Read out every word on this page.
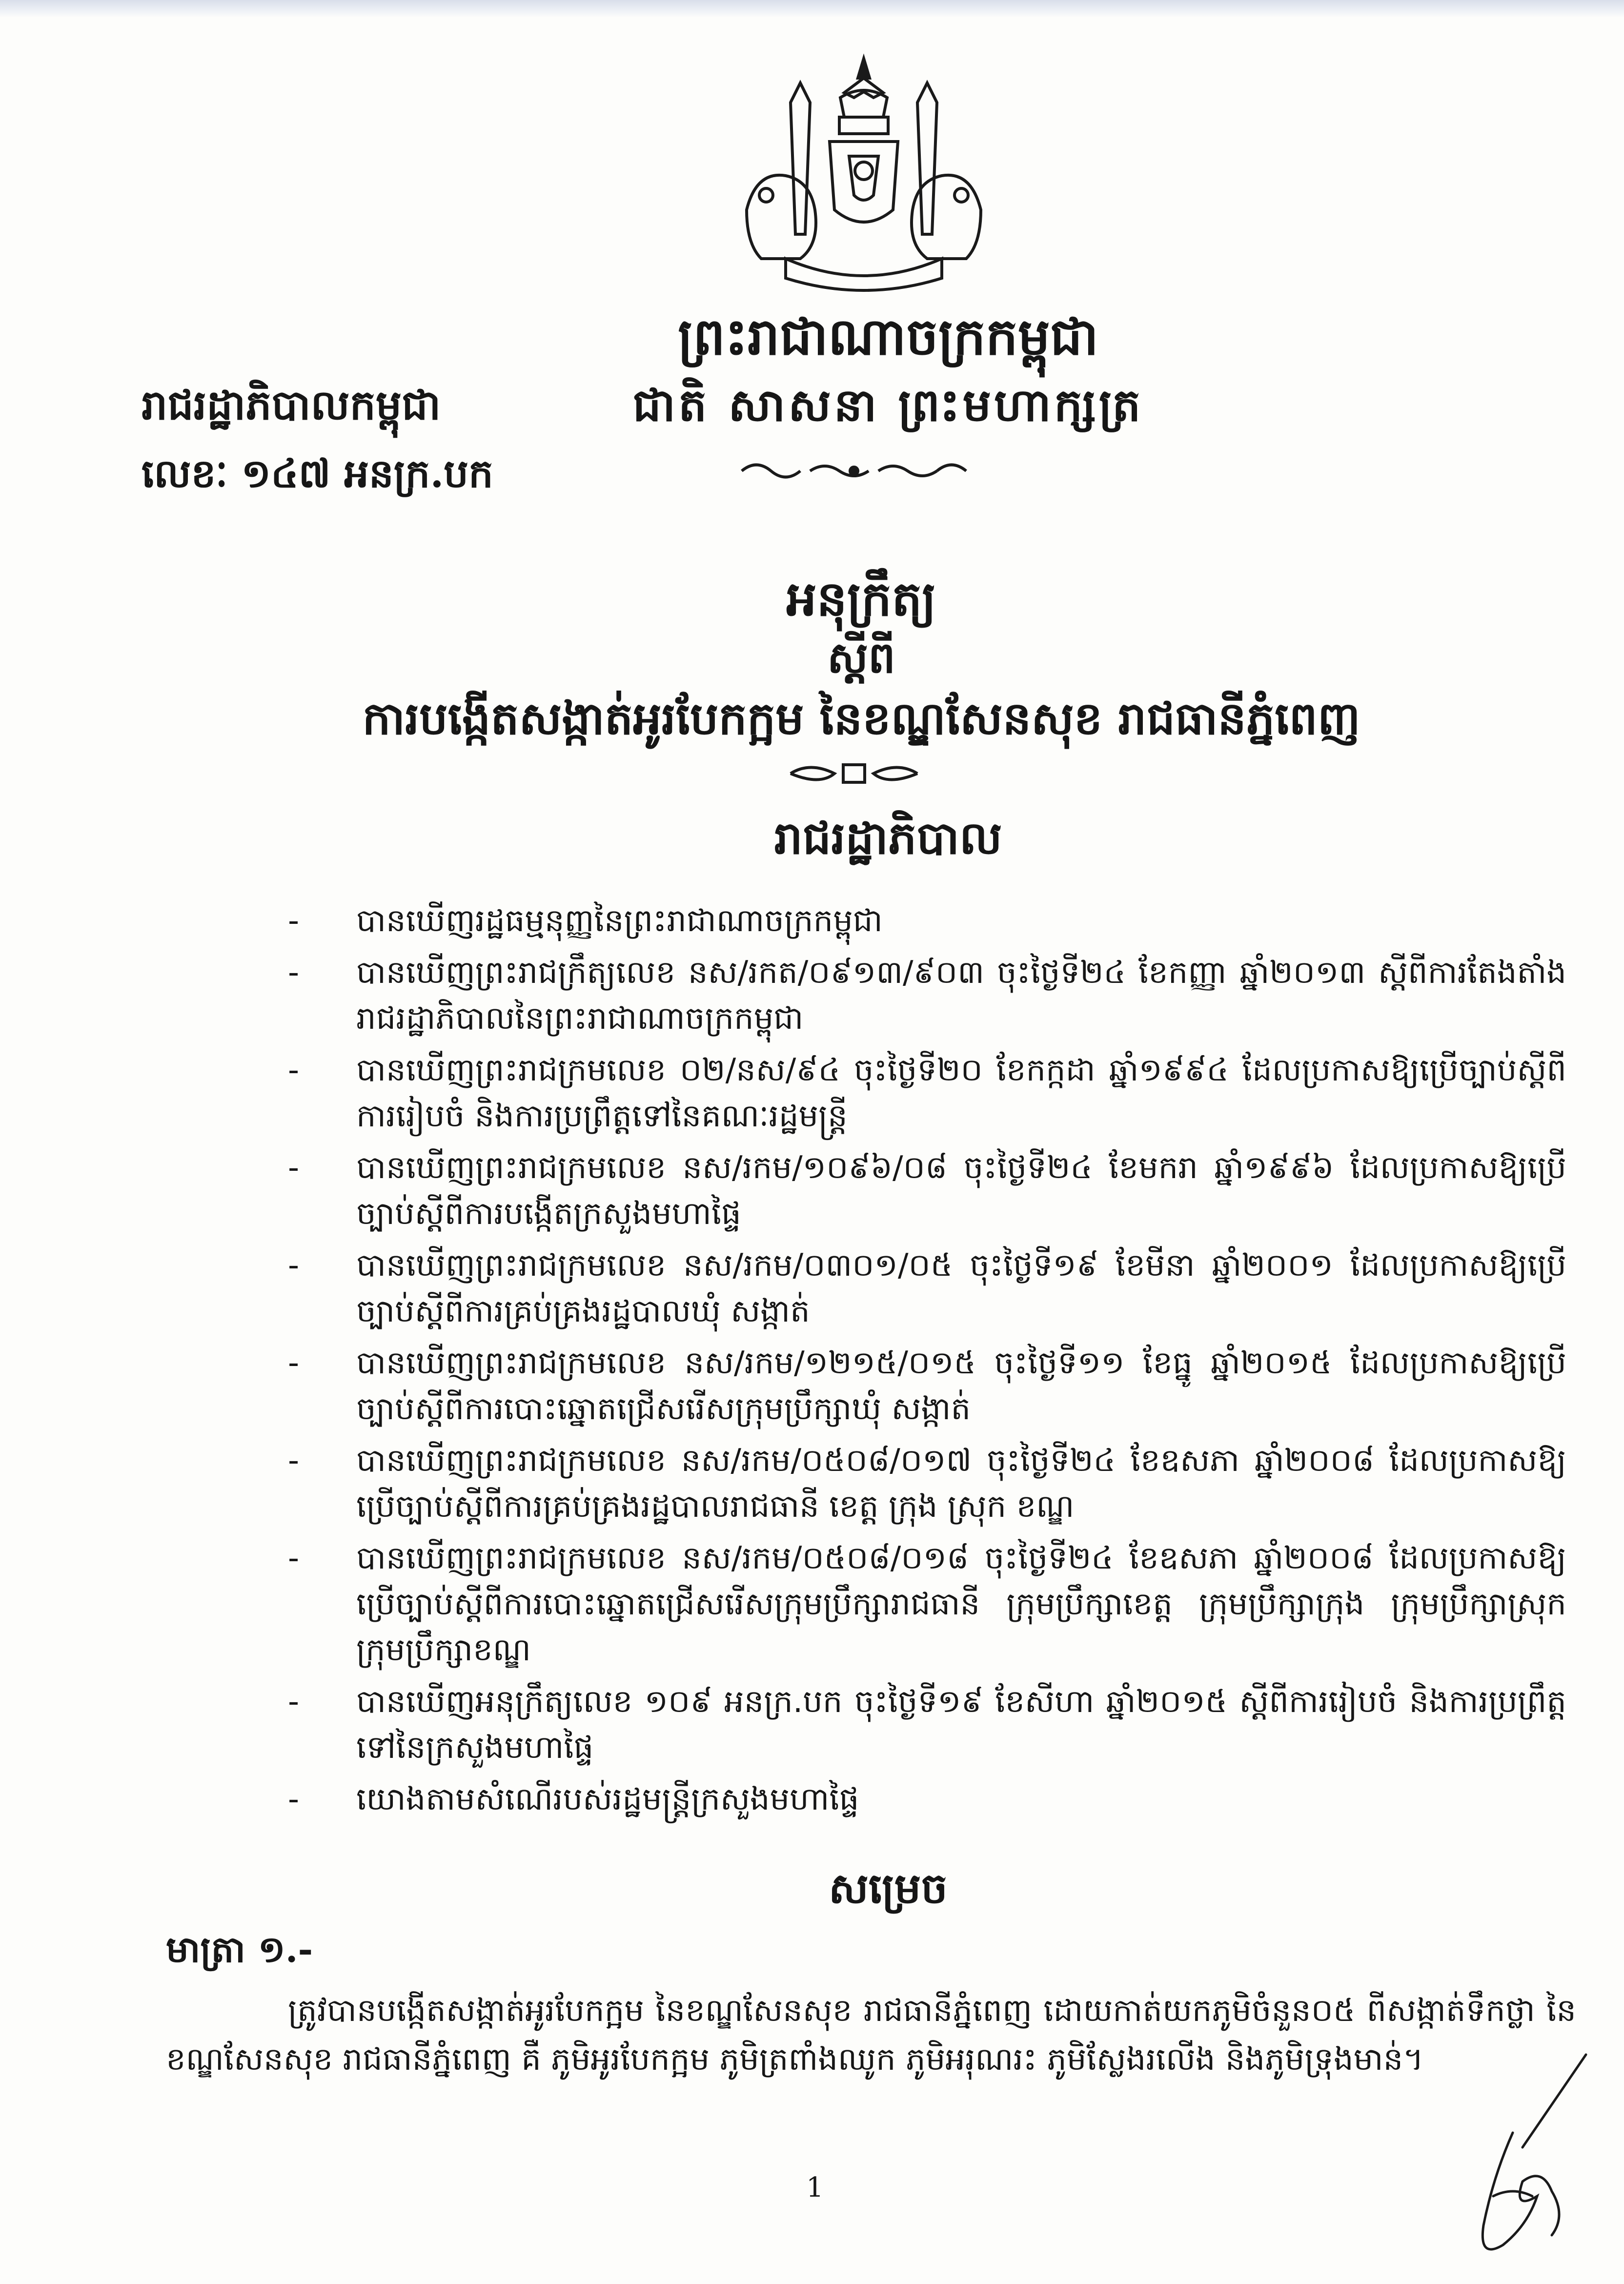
ព្រះរាជាណាចក្រកម្ពុជា
ជាតិ សាសនា ព្រះមហាក្សត្រ
រាជរដ្ឋាភិបាលកម្ពុជា
លេខៈ ១៤៧ អនក្រ.បក
អនុក្រឹត្យ
ស្តីពី
ការបង្កើតសង្កាត់អូរបែកក្អម នៃខណ្ឌសែនសុខ រាជធានីភ្នំពេញ
រាជរដ្ឋាភិបាល
-	បានឃើញរដ្ឋធម្មនុញ្ញនៃព្រះរាជាណាចក្រកម្ពុជា
-	បានឃើញព្រះរាជក្រឹត្យលេខ នស/រកត/០៩១៣/៩០៣ ចុះថ្ងៃទី២៤ ខែកញ្ញា ឆ្នាំ២០១៣ ស្តីពីការតែងតាំងរាជរដ្ឋាភិបាលនៃព្រះរាជាណាចក្រកម្ពុជា
-	បានឃើញព្រះរាជក្រមលេខ ០២/នស/៩៤ ចុះថ្ងៃទី២០ ខែកក្កដា ឆ្នាំ១៩៩៤ ដែលប្រកាសឱ្យប្រើច្បាប់ស្តីពីការរៀបចំ និងការប្រព្រឹត្តទៅនៃគណៈរដ្ឋមន្ត្រី
-	បានឃើញព្រះរាជក្រមលេខ នស/រកម/១០៩៦/០៨ ចុះថ្ងៃទី២៤ ខែមករា ឆ្នាំ១៩៩៦ ដែលប្រកាសឱ្យប្រើច្បាប់ស្តីពីការបង្កើតក្រសួងមហាផ្ទៃ
-	បានឃើញព្រះរាជក្រមលេខ នស/រកម/០៣០១/០៥ ចុះថ្ងៃទី១៩ ខែមីនា ឆ្នាំ២០០១ ដែលប្រកាសឱ្យប្រើច្បាប់ស្តីពីការគ្រប់គ្រងរដ្ឋបាលឃុំ សង្កាត់
-	បានឃើញព្រះរាជក្រមលេខ នស/រកម/១២១៥/០១៥ ចុះថ្ងៃទី១១ ខែធ្នូ ឆ្នាំ២០១៥ ដែលប្រកាសឱ្យប្រើច្បាប់ស្តីពីការបោះឆ្នោតជ្រើសរើសក្រុមប្រឹក្សាឃុំ សង្កាត់
-	បានឃើញព្រះរាជក្រមលេខ នស/រកម/០៥០៨/០១៧ ចុះថ្ងៃទី២៤ ខែឧសភា ឆ្នាំ២០០៨ ដែលប្រកាសឱ្យប្រើច្បាប់ស្តីពីការគ្រប់គ្រងរដ្ឋបាលរាជធានី ខេត្ត ក្រុង ស្រុក ខណ្ឌ
-	បានឃើញព្រះរាជក្រមលេខ នស/រកម/០៥០៨/០១៨ ចុះថ្ងៃទី២៤ ខែឧសភា ឆ្នាំ២០០៨ ដែលប្រកាសឱ្យប្រើច្បាប់ស្តីពីការបោះឆ្នោតជ្រើសរើសក្រុមប្រឹក្សារាជធានី ក្រុមប្រឹក្សាខេត្ត ក្រុមប្រឹក្សាក្រុង ក្រុមប្រឹក្សាស្រុក ក្រុមប្រឹក្សាខណ្ឌ
-	បានឃើញអនុក្រឹត្យលេខ ១០៩ អនក្រ.បក ចុះថ្ងៃទី១៩ ខែសីហា ឆ្នាំ២០១៥ ស្តីពីការរៀបចំ និងការប្រព្រឹត្តទៅនៃក្រសួងមហាផ្ទៃ
-	យោងតាមសំណើរបស់រដ្ឋមន្ត្រីក្រសួងមហាផ្ទៃ
សម្រេច
មាត្រា ១.-

ត្រូវបានបង្កើតសង្កាត់អូរបែកក្អម នៃខណ្ឌសែនសុខ រាជធានីភ្នំពេញ ដោយកាត់យកភូមិចំនួន០៥ ពីសង្កាត់ទឹកថ្លា នៃខណ្ឌសែនសុខ រាជធានីភ្នំពេញ គឺ ភូមិអូរបែកក្អម ភូមិត្រពាំងឈូក ភូមិអរុណរះ ភូមិស្លែងរលើង និងភូមិទ្រុងមាន់។

1
